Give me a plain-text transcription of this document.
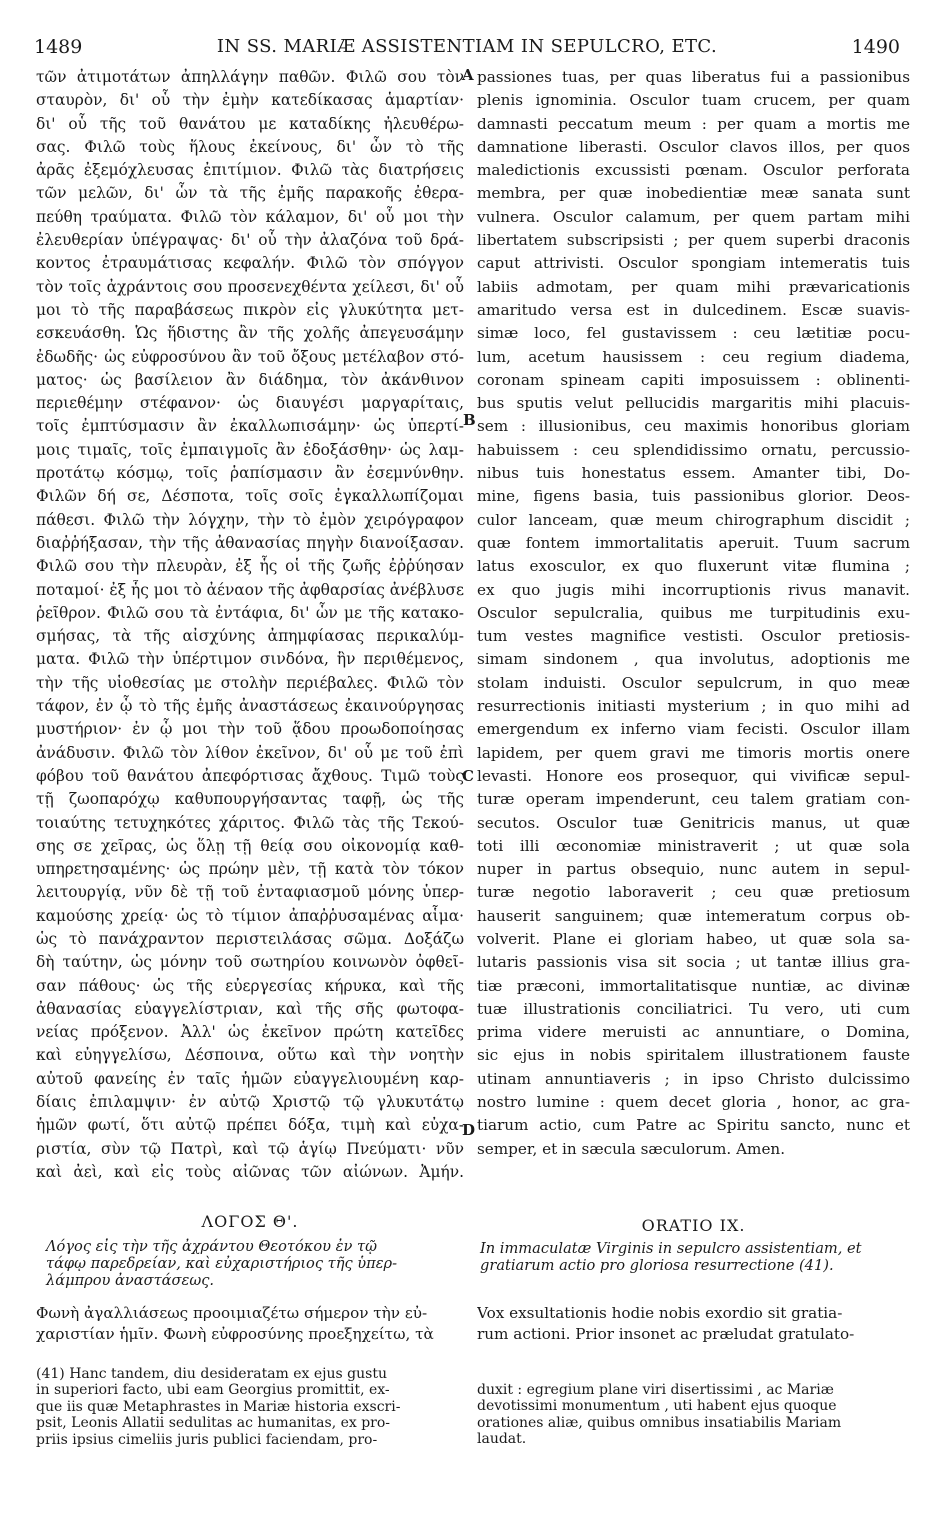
1489	IN SS. MARIÆ ASSISTENTIAM IN SEPULCRO, ETC.	1490
τῶν ἀτιμοτάτων ἀπηλλάγην παθῶν. Φιλῶ σου τὸν
σταυρὸν, δι' οὗ τὴν ἐμὴν κατεδίκασας ἁμαρτίαν·
δι' οὗ τῆς τοῦ θανάτου με καταδίκης ἠλευθέρω-
σας. Φιλῶ τοὺς ἥλους ἐκείνους, δι' ὧν τὸ τῆς
ἀρᾶς ἐξεμόχλευσας ἐπιτίμιον. Φιλῶ τὰς διατρήσεις
τῶν μελῶν, δι' ὧν τὰ τῆς ἐμῆς παρακοῆς ἐθερα-
πεύθη τραύματα. Φιλῶ τὸν κάλαμον, δι' οὗ μοι τὴν
ἐλευθερίαν ὑπέγραψας· δι' οὗ τὴν ἀλαζόνα τοῦ δρά-
κοντος ἐτραυμάτισας κεφαλήν. Φιλῶ τὸν σπόγγον
τὸν τοῖς ἀχράντοις σου προσενεχθέντα χείλεσι, δι' οὗ
μοι τὸ τῆς παραβάσεως πικρὸν εἰς γλυκύτητα μετ-
εσκευάσθη. Ὡς ἥδιστης ἂν τῆς χολῆς ἀπεγευσάμην
ἐδωδῆς· ὡς εὐφροσύνου ἂν τοῦ ὄξους μετέλαβον στό-
ματος· ὡς βασίλειον ἂν διάδημα, τὸν ἀκάνθινον
περιεθέμην στέφανον· ὡς διαυγέσι μαργαρίταις,
τοῖς ἐμπτύσμασιν ἂν ἐκαλλωπισάμην· ὡς ὑπερτί-
μοις τιμαῖς, τοῖς ἐμπαιγμοῖς ἂν ἐδοξάσθην· ὡς λαμ-
προτάτῳ κόσμῳ, τοῖς ῥαπίσμασιν ἂν ἐσεμνύνθην.
Φιλῶν δή σε, Δέσποτα, τοῖς σοῖς ἐγκαλλωπίζομαι
πάθεσι. Φιλῶ τὴν λόγχην, τὴν τὸ ἐμὸν χειρόγραφον
διαῤῥήξασαν, τὴν τῆς ἀθανασίας πηγὴν διανοίξασαν.
Φιλῶ σου τὴν πλευρὰν, ἐξ ἧς οἱ τῆς ζωῆς ἐῤῥύησαν
ποταμοί· ἐξ ἧς μοι τὸ ἀέναον τῆς ἀφθαρσίας ἀνέβλυσε
ῥεῖθρον. Φιλῶ σου τὰ ἐντάφια, δι' ὧν με τῆς κατακο-
σμήσας, τὰ τῆς αἰσχύνης ἀπημφίασας περικαλύμ-
ματα. Φιλῶ τὴν ὑπέρτιμον σινδόνα, ἣν περιθέμενος,
τὴν τῆς υἱοθεσίας με στολὴν περιέβαλες. Φιλῶ τὸν
τάφον, ἐν ᾧ τὸ τῆς ἐμῆς ἀναστάσεως ἐκαινούργησας
μυστήριον· ἐν ᾧ μοι τὴν τοῦ ᾅδου προωδοποίησας
ἀνάδυσιν. Φιλῶ τὸν λίθον ἐκεῖνον, δι' οὗ με τοῦ ἐπὶ
φόβου τοῦ θανάτου ἀπεφόρτισας ἄχθους. Τιμῶ τοὺς
τῇ ζωοπαρόχῳ καθυπουργήσαντας ταφῇ, ὡς τῆς
τοιαύτης τετυχηκότες χάριτος. Φιλῶ τὰς τῆς Τεκού-
σης σε χεῖρας, ὡς ὅλῃ τῇ θείᾳ σου οἰκονομίᾳ καθ-
υπηρετησαμένης· ὡς πρώην μὲν, τῇ κατὰ τὸν τόκον
λειτουργίᾳ, νῦν δὲ τῇ τοῦ ἐνταφιασμοῦ μόνης ὑπερ-
καμούσης χρείᾳ· ὡς τὸ τίμιον ἀπαῤῥυσαμένας αἷμα·
ὡς τὸ πανάχραντον περιστειλάσας σῶμα. Δοξάζω
δὴ ταύτην, ὡς μόνην τοῦ σωτηρίου κοινωνὸν ὀφθεῖ-
σαν πάθους· ὡς τῆς εὐεργεσίας κήρυκα, καὶ τῆς
ἀθανασίας εὐαγγελίστριαν, καὶ τῆς σῆς φωτοφα-
νείας πρόξενον. Ἀλλ' ὡς ἐκεῖνον πρώτη κατεῖδες
καὶ εὐηγγελίσω, Δέσποινα, οὕτω καὶ τὴν νοητὴν
αὐτοῦ φανείης ἐν ταῖς ἡμῶν εὐαγγελιουμένη καρ-
δίαις ἐπιλαμψιν· ἐν αὐτῷ Χριστῷ τῷ γλυκυτάτῳ
ἡμῶν φωτί, ὅτι αὐτῷ πρέπει δόξα, τιμὴ καὶ εὐχα-
ριστία, σὺν τῷ Πατρὶ, καὶ τῷ ἁγίῳ Πνεύματι· νῦν
καὶ ἀεὶ, καὶ εἰς τοὺς αἰῶνας τῶν αἰώνων. Ἀμήν.
passiones tuas, per quas liberatus fui a passionibus
plenis ignominia. Osculor tuam crucem, per quam
damnasti peccatum meum : per quam a mortis me
damnatione liberasti. Osculor clavos illos, per quos
maledictionis excussisti pœnam. Osculor perforata
membra, per quæ inobedientiæ meæ sanata sunt
vulnera. Osculor calamum, per quem partam mihi
libertatem subscripsisti ; per quem superbi draconis
caput attrivisti. Osculor spongiam intemeratis tuis
labiis admotam, per quam mihi prævaricationis
amaritudo versa est in dulcedinem. Escæ suavis-
simæ loco, fel gustavissem : ceu lætitiæ pocu-
lum, acetum hausissem : ceu regium diadema,
coronam spineam capiti imposuissem : oblinenti-
bus sputis velut pellucidis margaritis mihi placuis-
sem : illusionibus, ceu maximis honoribus gloriam
habuissem : ceu splendidissimo ornatu, percussio-
nibus tuis honestatus essem. Amanter tibi, Do-
mine, figens basia, tuis passionibus glorior. Deos-
culor lanceam, quæ meum chirographum discidit ;
quæ fontem immortalitatis aperuit. Tuum sacrum
latus exosculor, ex quo fluxerunt vitæ flumina ;
ex quo jugis mihi incorruptionis rivus manavit.
Osculor sepulcralia, quibus me turpitudinis exu-
tum vestes magnifice vestisti. Osculor pretiosis-
simam sindonem , qua involutus, adoptionis me
stolam induisti. Osculor sepulcrum, in quo meæ
resurrectionis initiasti mysterium ; in quo mihi ad
emergendum ex inferno viam fecisti. Osculor illam
lapidem, per quem gravi me timoris mortis onere
levasti. Honore eos prosequor, qui vivificæ sepul-
turæ operam impenderunt, ceu talem gratiam con-
secutos. Osculor tuæ Genitricis manus, ut quæ
toti illi œconomiæ ministraverit ; ut quæ sola
nuper in partus obsequio, nunc autem in sepul-
turæ negotio laboraverit ; ceu quæ pretiosum
hauserit sanguinem; quæ intemeratum corpus ob-
volverit. Plane ei gloriam habeo, ut quæ sola sa-
lutaris passionis visa sit socia ; ut tantæ illius gra-
tiæ præconi, immortalitatisque nuntiæ, ac divinæ
tuæ illustrationis conciliatrici. Tu vero, uti cum
prima videre meruisti ac annuntiare, o Domina,
sic ejus in nobis spiritalem illustrationem fauste
utinam annuntiaveris ; in ipso Christo dulcissimo
nostro lumine : quem decet gloria , honor, ac gra-
tiarum actio, cum Patre ac Spiritu sancto, nunc et
semper, et in sæcula sæculorum. Amen.
A
B
C
D
ΛΟΓΟΣ Θ'.
Λόγος εἰς τὴν τῆς ἀχράντου Θεοτόκου ἐν τῷ
τάφῳ παρεδρείαν, καὶ εὐχαριστήριος τῆς ὑπερ-
λάμπρου ἀναστάσεως.
Φωνὴ ἀγαλλιάσεως προοιμιαζέτω σήμερον τὴν εὐ-
χαριστίαν ἡμῖν. Φωνὴ εὐφροσύνης προεξηχείτω, τὰ
(41) Hanc tandem, diu desideratam ex ejus gustu
in superiori facto, ubi eam Georgius promittit, ex-
que iis quæ Metaphrastes in Mariæ historia exscri-
psit, Leonis Allatii sedulitas ac humanitas, ex pro-
priis ipsius cimeliis juris publici faciendam, pro-
ORATIO IX.
In immaculatæ Virginis in sepulcro assistentiam, et
gratiarum actio pro gloriosa resurrectione (41).
Vox exsultationis hodie nobis exordio sit gratia-
rum actioni. Prior insonet ac præludat gratulato-
duxit : egregium plane viri disertissimi , ac Mariæ
devotissimi monumentum , uti habent ejus quoque
orationes aliæ, quibus omnibus insatiabilis Mariam
laudat.
